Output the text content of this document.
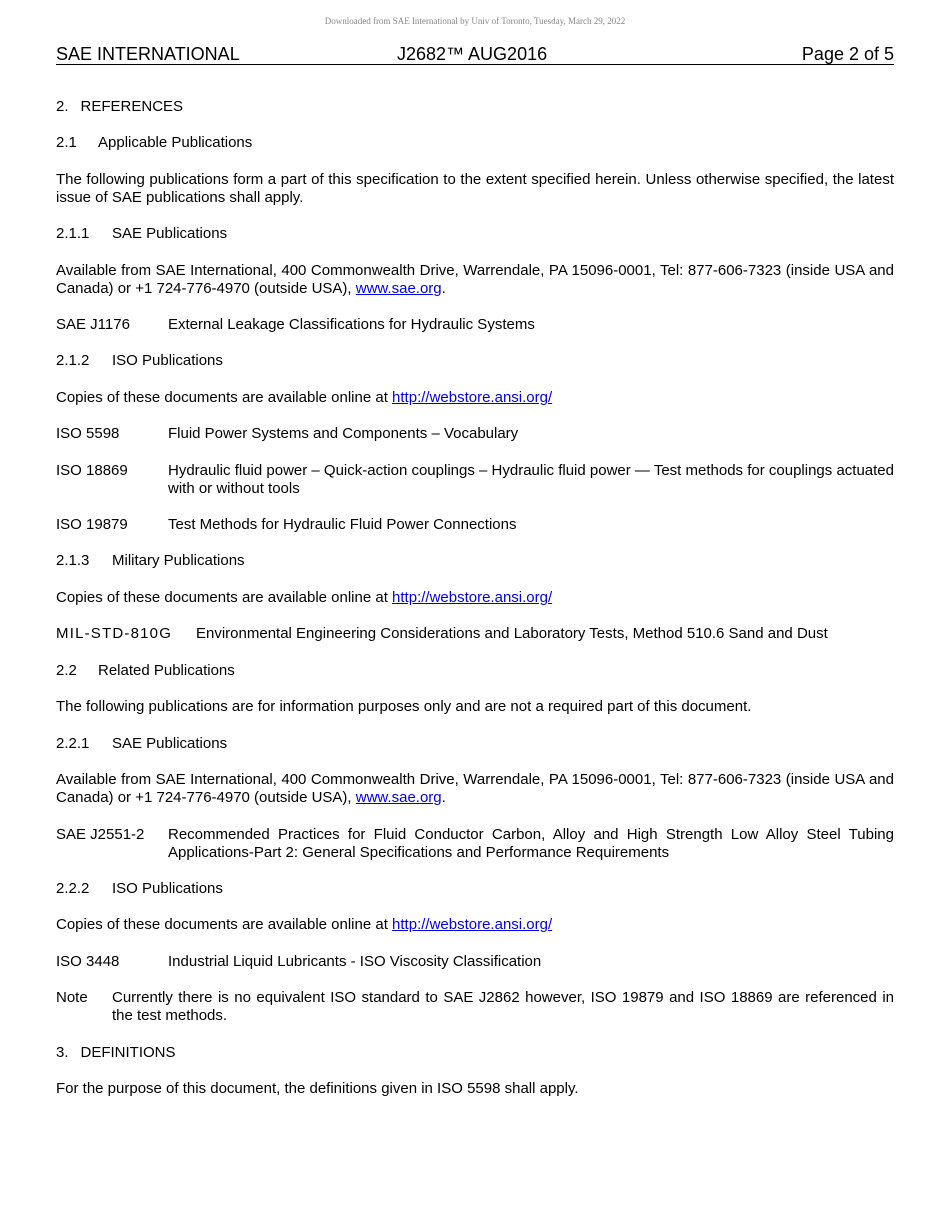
Downloaded from SAE International by Univ of Toronto, Tuesday, March 29, 2022
SAE INTERNATIONAL	J2682™ AUG2016	Page 2 of 5
2. REFERENCES
2.1 Applicable Publications
The following publications form a part of this specification to the extent specified herein. Unless otherwise specified, the latest issue of SAE publications shall apply.
2.1.1 SAE Publications
Available from SAE International, 400 Commonwealth Drive, Warrendale, PA 15096-0001, Tel: 877-606-7323 (inside USA and Canada) or +1 724-776-4970 (outside USA), www.sae.org.
SAE J1176	External Leakage Classifications for Hydraulic Systems
2.1.2 ISO Publications
Copies of these documents are available online at http://webstore.ansi.org/
ISO 5598	Fluid Power Systems and Components – Vocabulary
ISO 18869	Hydraulic fluid power – Quick-action couplings – Hydraulic fluid power — Test methods for couplings actuated with or without tools
ISO 19879	Test Methods for Hydraulic Fluid Power Connections
2.1.3 Military Publications
Copies of these documents are available online at http://webstore.ansi.org/
MIL-STD-810G Environmental Engineering Considerations and Laboratory Tests, Method 510.6 Sand and Dust
2.2 Related Publications
The following publications are for information purposes only and are not a required part of this document.
2.2.1 SAE Publications
Available from SAE International, 400 Commonwealth Drive, Warrendale, PA 15096-0001, Tel: 877-606-7323 (inside USA and Canada) or +1 724-776-4970 (outside USA), www.sae.org.
SAE J2551-2 Recommended Practices for Fluid Conductor Carbon, Alloy and High Strength Low Alloy Steel Tubing Applications-Part 2: General Specifications and Performance Requirements
2.2.2 ISO Publications
Copies of these documents are available online at http://webstore.ansi.org/
ISO 3448	Industrial Liquid Lubricants - ISO Viscosity Classification
Note Currently there is no equivalent ISO standard to SAE J2862 however, ISO 19879 and ISO 18869 are referenced in the test methods.
3. DEFINITIONS
For the purpose of this document, the definitions given in ISO 5598 shall apply.
